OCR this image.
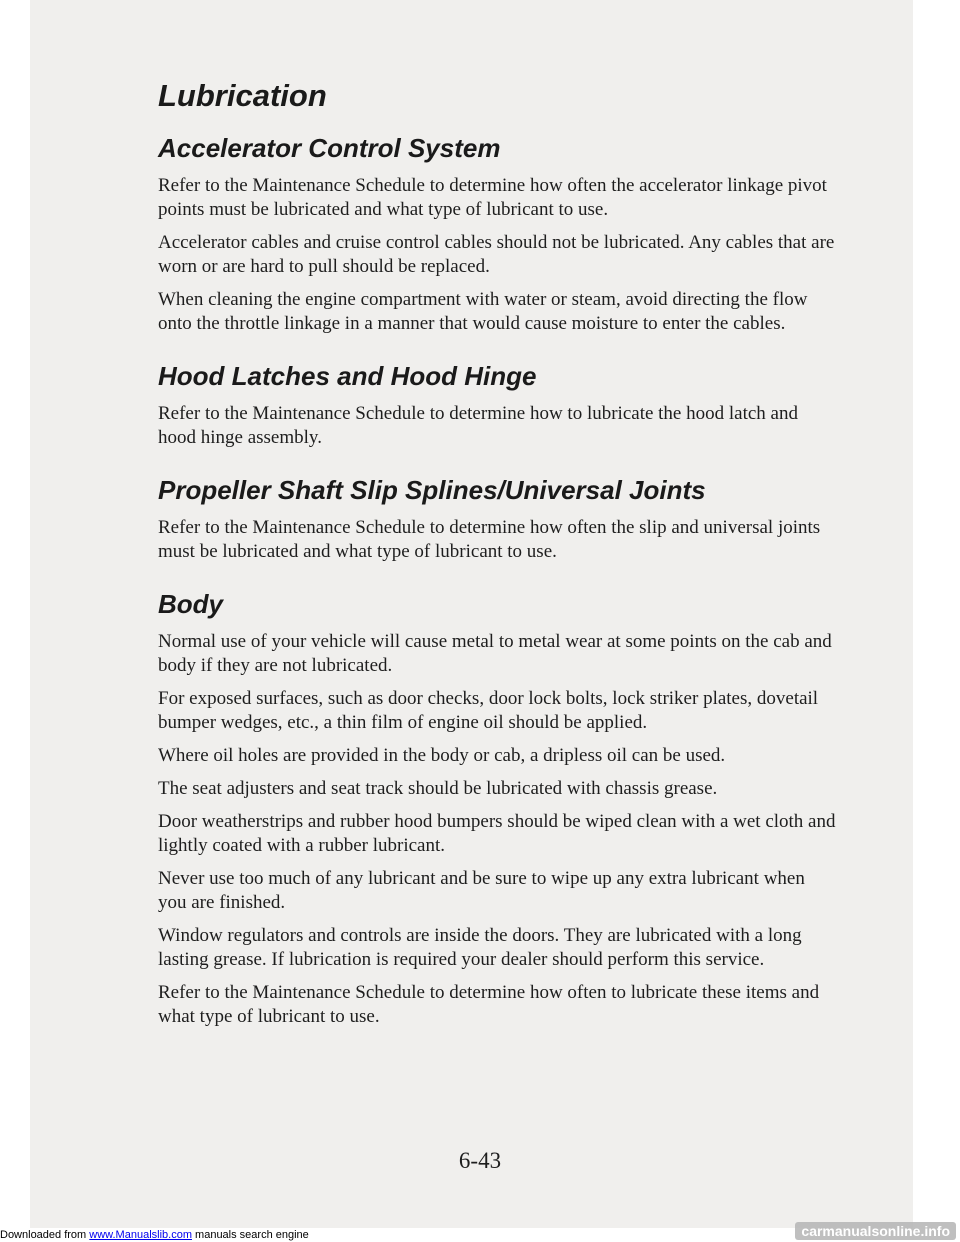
Lubrication
Accelerator Control System

Refer to the Maintenance Schedule to determine how often the accelerator linkage pivot points must be lubricated and what type of lubricant to use.

Accelerator cables and cruise control cables should not be lubricated. Any cables that are worn or are hard to pull should be replaced.

When cleaning the engine compartment with water or steam, avoid directing the flow onto the throttle linkage in a manner that would cause moisture to enter the cables.

Hood Latches and Hood Hinge

Refer to the Maintenance Schedule to determine how to lubricate the hood latch and hood hinge assembly.

Propeller Shaft Slip Splines/Universal Joints

Refer to the Maintenance Schedule to determine how often the slip and universal joints must be lubricated and what type of lubricant to use.

Body

Normal use of your vehicle will cause metal to metal wear at some points on the cab and body if they are not lubricated.

For exposed surfaces, such as door checks, door lock bolts, lock striker plates, dovetail bumper wedges, etc., a thin film of engine oil should be applied.

Where oil holes are provided in the body or cab, a dripless oil can be used.

The seat adjusters and seat track should be lubricated with chassis grease.

Door weatherstrips and rubber hood bumpers should be wiped clean with a wet cloth and lightly coated with a rubber lubricant.

Never use too much of any lubricant and be sure to wipe up any extra lubricant when you are finished.

Window regulators and controls are inside the doors. They are lubricated with a long lasting grease. If lubrication is required your dealer should perform this service.

Refer to the Maintenance Schedule to determine how often to lubricate these items and what type of lubricant to use.

6-43
Downloaded from www.Manualslib.com manuals search engine	carmanualsonline.info
